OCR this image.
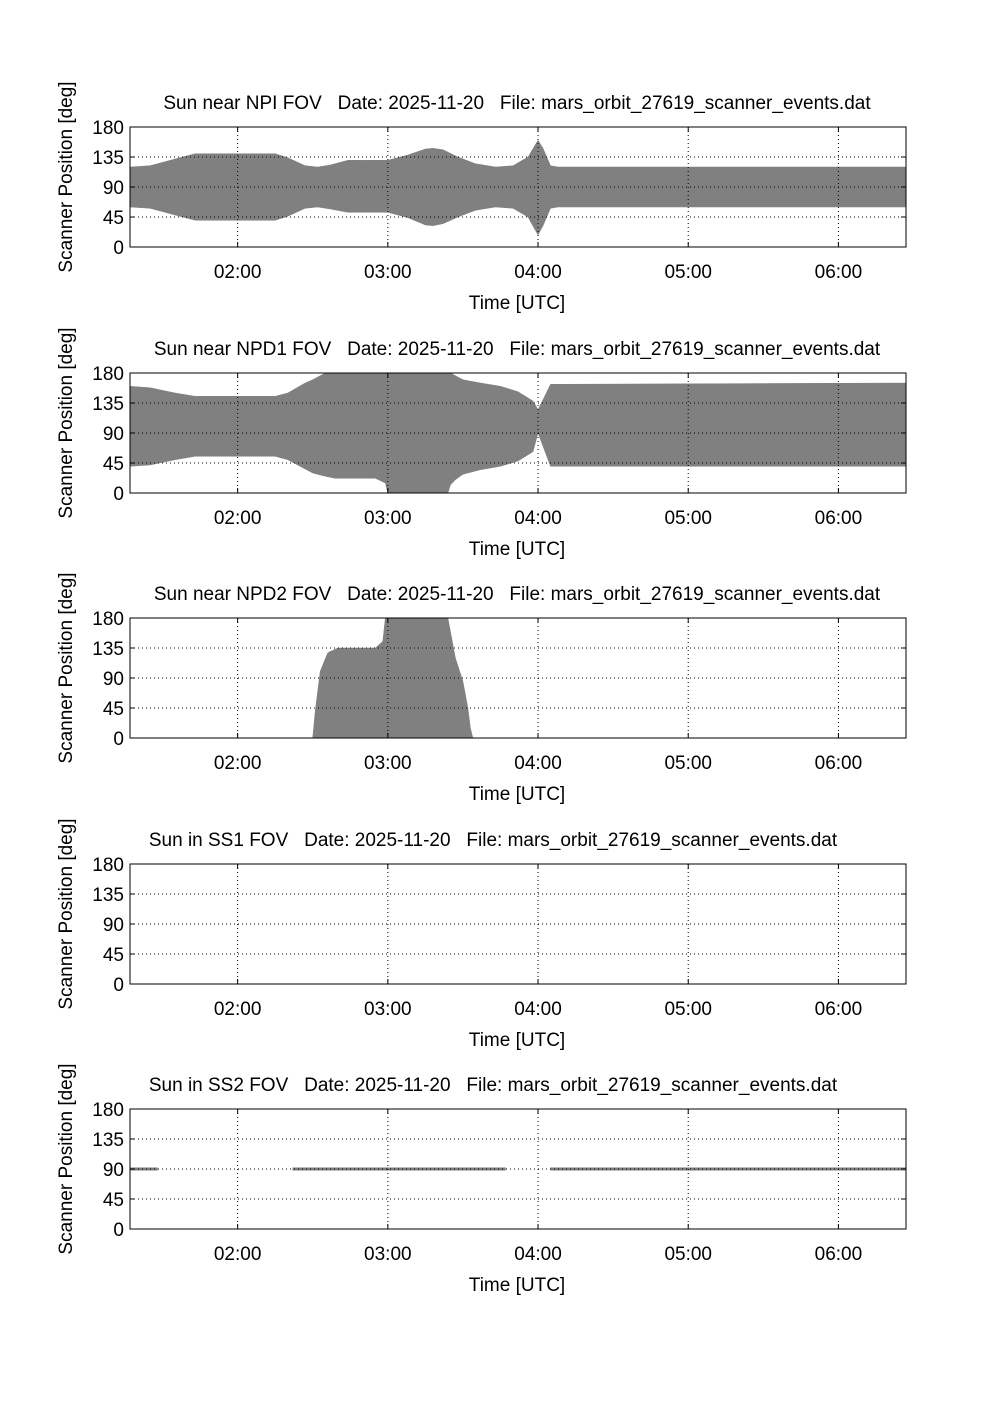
02:00	03:00	04:00	05:00	06:00
0
45
90
135
180
Sun near NPI FOV   Date: 2025-11-20   File: mars_orbit_27619_scanner_events.dat
Time [UTC]
Scanner Position [deg]
02:00	03:00	04:00	05:00	06:00
0
45
90
135
180
Sun near NPD1 FOV   Date: 2025-11-20   File: mars_orbit_27619_scanner_events.dat
Time [UTC]
Scanner Position [deg]
02:00	03:00	04:00	05:00	06:00
0
45
90
135
180
Sun near NPD2 FOV   Date: 2025-11-20   File: mars_orbit_27619_scanner_events.dat
Time [UTC]
Scanner Position [deg]
02:00	03:00	04:00	05:00	06:00
0
45
90
135
180
Sun in SS1 FOV   Date: 2025-11-20   File: mars_orbit_27619_scanner_events.dat
Time [UTC]
Scanner Position [deg]
02:00	03:00	04:00	05:00	06:00
0
45
90
135
180
Sun in SS2 FOV   Date: 2025-11-20   File: mars_orbit_27619_scanner_events.dat
Time [UTC]
Scanner Position [deg]
